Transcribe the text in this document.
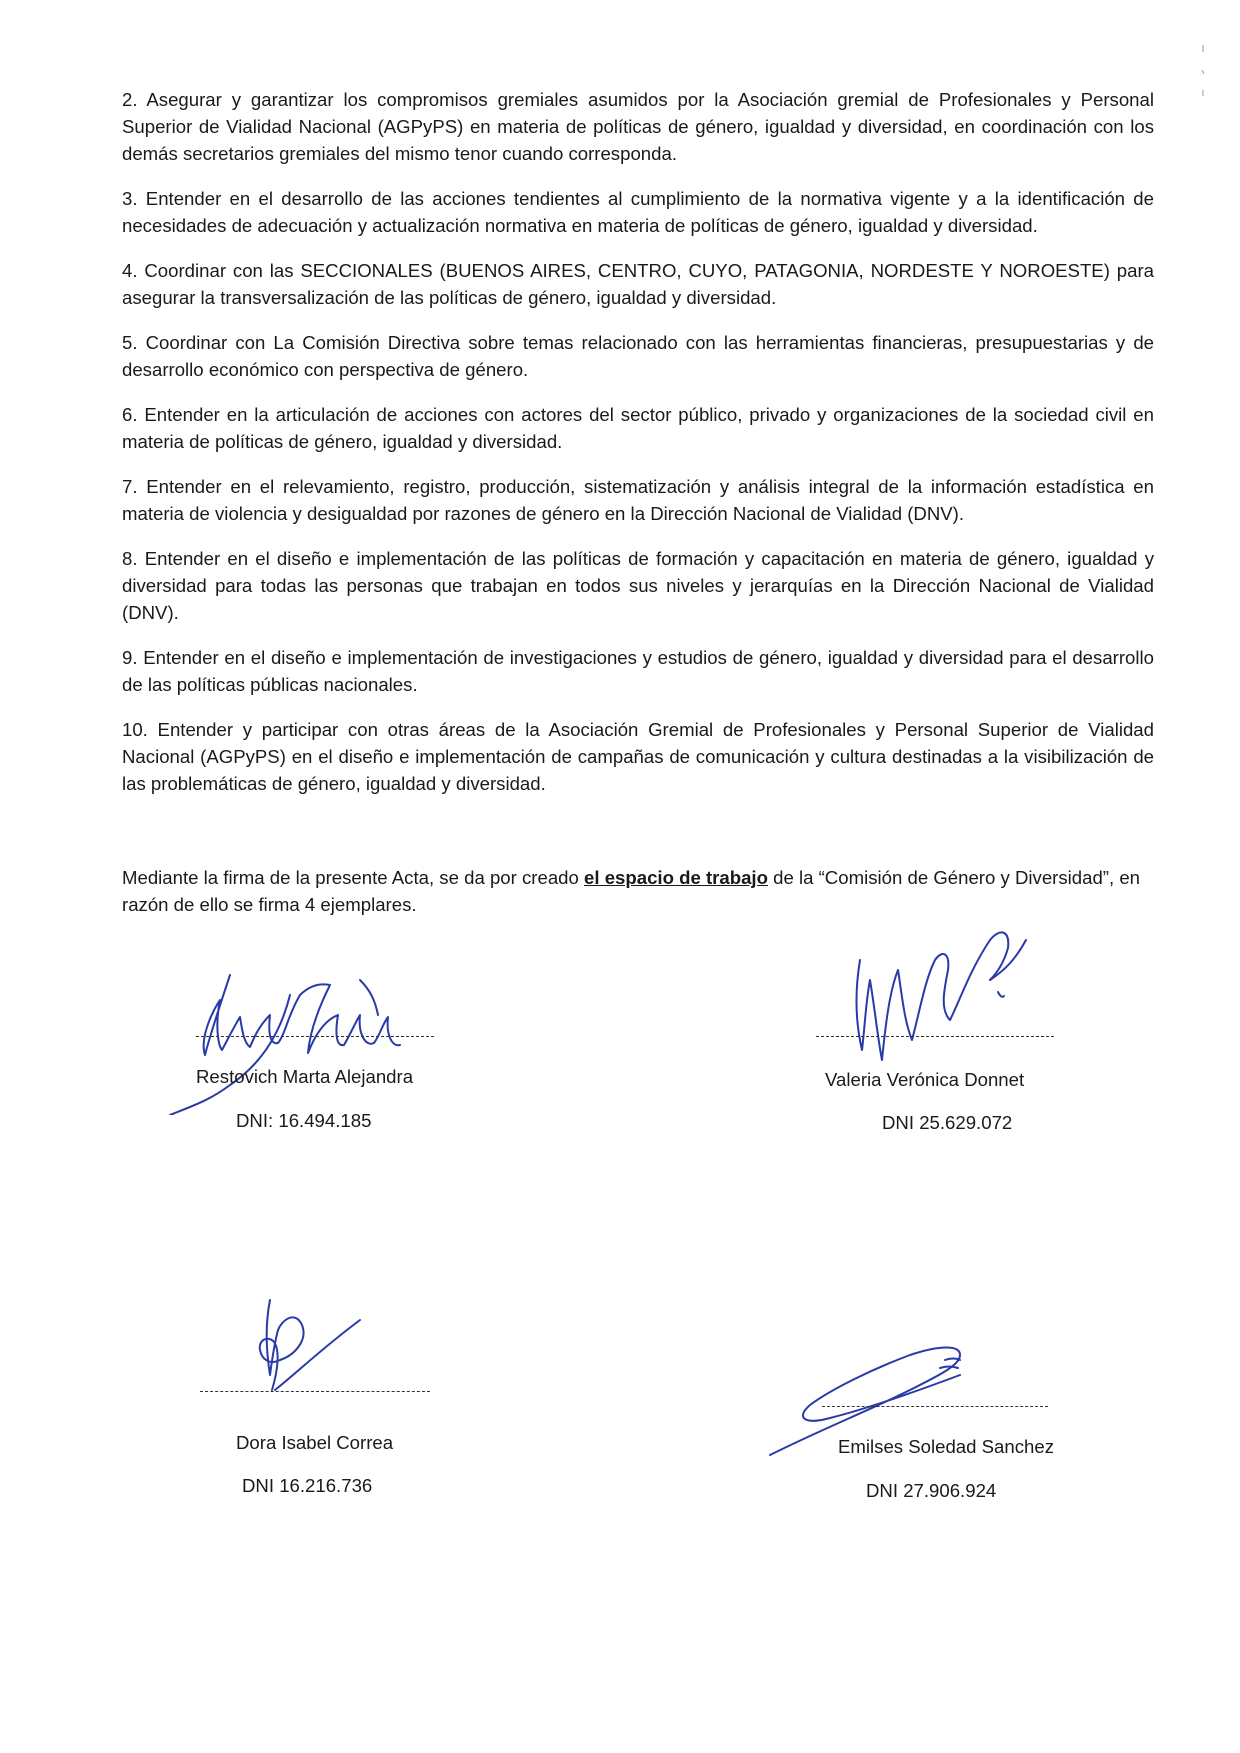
2. Asegurar y garantizar los compromisos gremiales asumidos por la Asociación gremial de Profesionales y Personal Superior de Vialidad Nacional (AGPyPS) en materia de políticas de género, igualdad y diversidad, en coordinación con los demás secretarios gremiales del mismo tenor cuando corresponda.

3. Entender en el desarrollo de las acciones tendientes al cumplimiento de la normativa vigente y a la identificación de necesidades de adecuación y actualización normativa en materia de políticas de género, igualdad y diversidad.

4. Coordinar con las SECCIONALES (BUENOS AIRES, CENTRO, CUYO, PATAGONIA, NORDESTE Y NOROESTE) para asegurar la transversalización de las políticas de género, igualdad y diversidad.

5. Coordinar con La Comisión Directiva sobre temas relacionado con las herramientas financieras, presupuestarias y de desarrollo económico con perspectiva de género.

6. Entender en la articulación de acciones con actores del sector público, privado y organizaciones de la sociedad civil en materia de políticas de género, igualdad y diversidad.

7. Entender en el relevamiento, registro, producción, sistematización y análisis integral de la información estadística en materia de violencia y desigualdad por razones de género en la Dirección Nacional de Vialidad (DNV).

8. Entender en el diseño e implementación de las políticas de formación y capacitación en materia de género, igualdad y diversidad para todas las personas que trabajan en todos sus niveles y jerarquías en la Dirección Nacional de Vialidad (DNV).

9. Entender en el diseño e implementación de investigaciones y estudios de género, igualdad y diversidad para el desarrollo de las políticas públicas nacionales.

10. Entender y participar con otras áreas de la Asociación Gremial de Profesionales y Personal Superior de Vialidad Nacional (AGPyPS) en el diseño e implementación de campañas de comunicación y cultura destinadas a la visibilización de las problemáticas de género, igualdad y diversidad.

Mediante la firma de la presente Acta, se da por creado el espacio de trabajo de la “Comisión de Género y Diversidad”, en razón de ello se firma 4 ejemplares.

Restovich Marta Alejandra
DNI: 16.494.185
Valeria Verónica Donnet
DNI 25.629.072
Dora Isabel Correa
DNI 16.216.736
Emilses Soledad Sanchez
DNI 27.906.924
